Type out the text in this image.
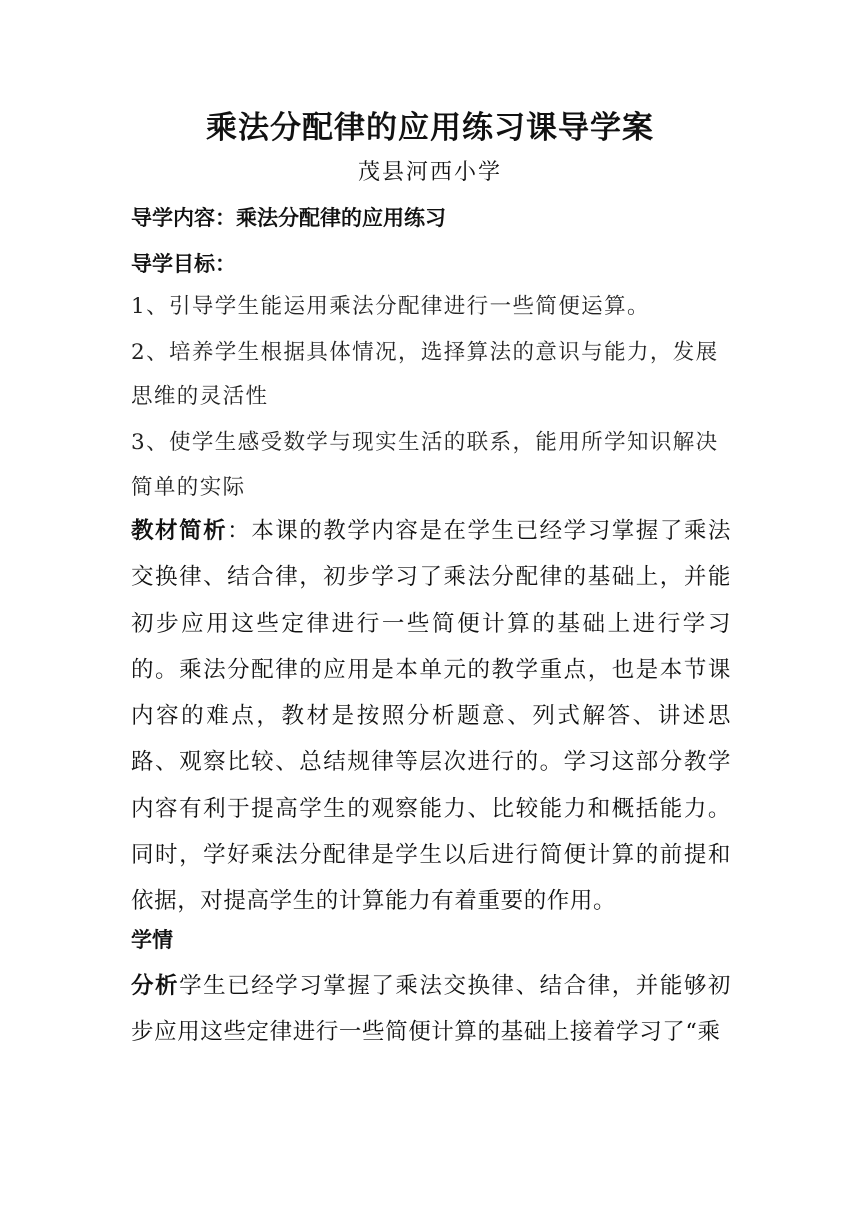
乘法分配律的应用练习课导学案

茂县河西小学

导学内容：乘法分配律的应用练习
导学目标：
1、引导学生能运用乘法分配律进行一些简便运算。
2、培养学生根据具体情况，选择算法的意识与能力，发展
思维的灵活性
3、使学生感受数学与现实生活的联系，能用所学知识解决
简单的实际

教材简析：本课的教学内容是在学生已经学习掌握了乘法交换律、结合律，初步学习了乘法分配律的基础上，并能初步应用这些定律进行一些简便计算的基础上进行学习的。乘法分配律的应用是本单元的教学重点，也是本节课内容的难点，教材是按照分析题意、列式解答、讲述思路、观察比较、总结规律等层次进行的。学习这部分教学内容有利于提高学生的观察能力、比较能力和概括能力。同时，学好乘法分配律是学生以后进行简便计算的前提和依据，对提高学生的计算能力有着重要的作用。

学情

分析学生已经学习掌握了乘法交换律、结合律，并能够初步应用这些定律进行一些简便计算的基础上接着学习了“乘
